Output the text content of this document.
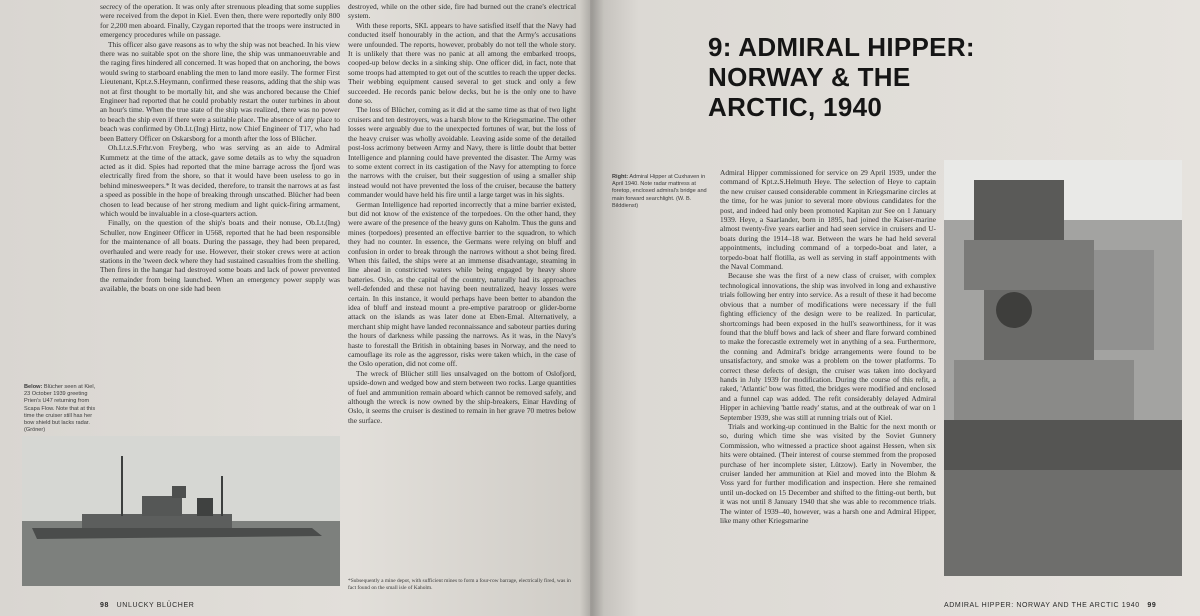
secrecy of the operation. It was only after strenuous pleading that some supplies were received from the depot in Kiel. Even then, there were reportedly only 800 for 2,200 men aboard. Finally, Czygan reported that the troops were instructed in emergency procedures while on passage.

This officer also gave reasons as to why the ship was not beached. In his view there was no suitable spot on the shore line, the ship was unmanoeuvrable and the raging fires hindered all concerned. It was hoped that on anchoring, the bows would swing to starboard enabling the men to land more easily. The former First Lieutenant, Kpt.z.S.Heymann, confirmed these reasons, adding that the ship was not at first thought to be mortally hit, and she was anchored because the Chief Engineer had reported that he could probably restart the outer turbines in about an hour's time. When the true state of the ship was realized, there was no power to beach the ship even if there were a suitable place. The absence of any place to beach was confirmed by Ob.Lt.(Ing) Hirtz, now Chief Engineer of T17, who had been Battery Officer on Oskarsborg for a month after the loss of Blücher.

Oh.Lt.z.S.Frhr.von Freyberg, who was serving as an aide to Admiral Kummetz at the time of the attack, gave some details as to why the squadron acted as it did. Spies had reported that the mine barrage across the fjord was electrically fired from the shore, so that it would have been useless to go in behind minesweepers.* It was decided, therefore, to transit the narrows at as fast a speed as possible in the hope of breaking through unscathed. Blücher had been chosen to lead because of her strong medium and light quick-firing armament, which would be invaluable in a close-quarters action.

Finally, on the question of the ship's boats and their nonuse, Ob.Lt.(Ing) Schuller, now Engineer Officer in U568, reported that he had been responsible for the maintenance of all boats. During the passage, they had been prepared, overhauled and were ready for use. However, their stoker crews were at action stations in the 'tween deck where they had sustained casualties from the shelling. Then fires in the hangar had destroyed some boats and lack of power prevented the remainder from being launched. When an emergency power supply was available, the boats on one side had been

destroyed, while on the other side, fire had burned out the crane's electrical system.

With these reports, SKL appears to have satisfied itself that the Navy had conducted itself honourably in the action, and that the Army's accusations were unfounded. The reports, however, probably do not tell the whole story. It is unlikely that there was no panic at all among the embarked troops, cooped-up below decks in a sinking ship. One officer did, in fact, note that some troops had attempted to get out of the scuttles to reach the upper decks. Their webbing equipment caused several to get stuck and only a few succeeded. He records panic below decks, but he is the only one to have done so.

The loss of Blücher, coming as it did at the same time as that of two light cruisers and ten destroyers, was a harsh blow to the Kriegsmarine. The other losses were arguably due to the unexpected fortunes of war, but the loss of the heavy cruiser was wholly avoidable. Leaving aside some of the detailed post-loss acrimony between Army and Navy, there is little doubt that better Intelligence and planning could have prevented the disaster. The Army was to some extent correct in its castigation of the Navy for attempting to force the narrows with the cruiser, but their suggestion of using a smaller ship instead would not have prevented the loss of the cruiser, because the battery commander would have held his fire until a large target was in his sights.

German Intelligence had reported incorrectly that a mine barrier existed, but did not know of the existence of the torpedoes. On the other hand, they were aware of the presence of the heavy guns on Kaholm. Thus the guns and mines (torpedoes) presented an effective barrier to the squadron, to which they had no counter. In essence, the Germans were relying on bluff and confusion in order to break through the narrows without a shot being fired. When this failed, the ships were at an immense disadvantage, steaming in line ahead in constricted waters while being engaged by heavy shore batteries. Oslo, as the capital of the country, naturally had its approaches well-defended and these not having been neutralized, heavy losses were certain. In this instance, it would perhaps have been better to abandon the idea of bluff and instead mount a pre-emptive paratroop or glider-borne attack on the islands as was later done at Eben-Emal. Alternatively, a merchant ship might have landed reconnaissance and saboteur parties during the hours of darkness while passing the narrows. As it was, in the Navy's haste to forestall the British in obtaining bases in Norway, and the need to camouflage its role as the aggressor, risks were taken which, in the case of the Oslo operation, did not come off.

The wreck of Blücher still lies unsalvaged on the bottom of Oslofjord, upside-down and wedged bow and stern between two rocks. Large quantities of fuel and ammunition remain aboard which cannot be removed safely, and although the wreck is now owned by the ship-breakers, Einar Havding of Oslo, it seems the cruiser is destined to remain in her grave 70 metres below the surface.

Below: Blücher seen at Kiel, 23 October 1939 greeting Prien's U47 returning from Scapa Flow. Note that at this time the cruiser still has her bow shield but lacks radar. (Gröner)
*Subsequently a mine depot, with sufficient mines to form a four-row barrage, electrically fired, was in fact found on the small isle of Kaholm.
98 UNLUCKY BLÜCHER
9: ADMIRAL HIPPER: NORWAY & THE ARCTIC, 1940
Right: Admiral Hipper at Cuxhaven in April 1940. Note radar mattress at foretop, enclosed admiral's bridge and main forward searchlight. (W. B. Bilddienst)

Admiral Hipper commissioned for service on 29 April 1939, under the command of Kpt.z.S.Helmuth Heye. The selection of Heye to captain the new cruiser caused considerable comment in Kriegsmarine circles at the time, for he was junior to several more obvious candidates for the post, and indeed had only been promoted Kapitan zur See on 1 January 1939. Heye, a Saarlander, born in 1895, had joined the Kaiser-marine almost twenty-five years earlier and had seen service in cruisers and U-boats during the 1914–18 war. Between the wars he had held several appointments, including command of a torpedo-boat and later, a torpedo-boat half flotilla, as well as serving in staff appointments with the Naval Command.

Because she was the first of a new class of cruiser, with complex technological innovations, the ship was involved in long and exhaustive trials following her entry into service. As a result of these it had become obvious that a number of modifications were necessary if the full fighting efficiency of the design were to be realized. In particular, shortcomings had been exposed in the hull's seaworthiness, for it was found that the bluff bows and lack of sheer and flare forward combined to make the forecastle extremely wet in anything of a sea. Furthermore, the conning and Admiral's bridge arrangements were found to be unsatisfactory, and smoke was a problem on the tower platforms. To correct these defects of design, the cruiser was taken into dockyard hands in July 1939 for modification. During the course of this refit, a raked, 'Atlantic' bow was fitted, the bridges were modified and enclosed and a funnel cap was added. The refit considerably delayed Admiral Hipper in achieving 'battle ready' status, and at the outbreak of war on 1 September 1939, she was still at running trials out of Kiel.

Trials and working-up continued in the Baltic for the next month or so, during which time she was visited by the Soviet Gunnery Commission, who witnessed a practice shoot against Hessen, when six hits were obtained. (Their interest of course stemmed from the proposed purchase of her incomplete sister, Lützow). Early in November, the cruiser landed her ammunition at Kiel and moved into the Blohm & Voss yard for further modification and inspection. Here she remained until un-docked on 15 December and shifted to the fitting-out berth, but it was not until 8 January 1940 that she was able to recommence trials. The winter of 1939–40, however, was a harsh one and Admiral Hipper, like many other Kriegsmarine

ADMIRAL HIPPER: NORWAY AND THE ARCTIC 1940 99
